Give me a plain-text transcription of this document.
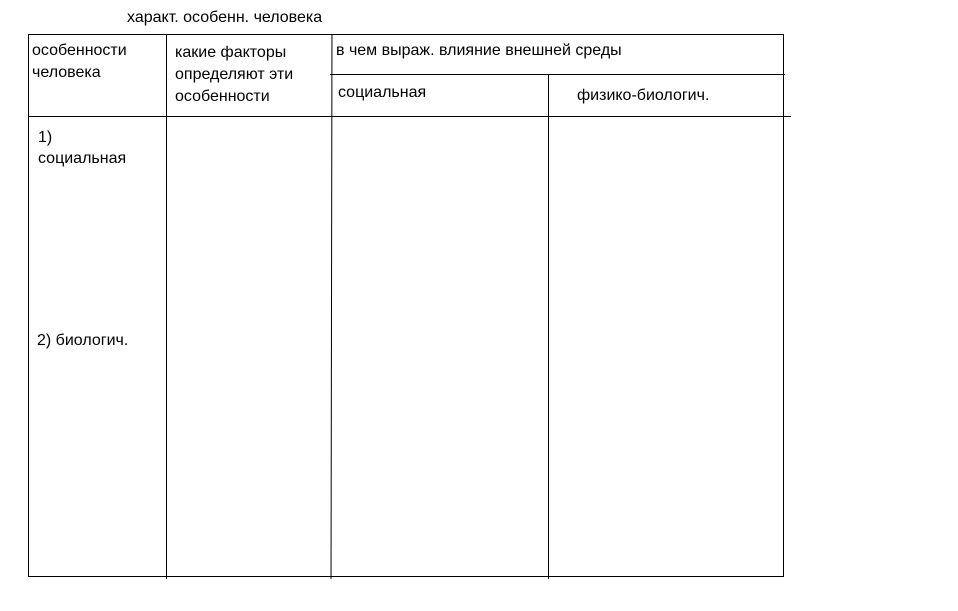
характ. особенн. человека
особенности
человека
какие факторы
определяют эти
особенности
в чем выраж. влияние внешней среды
социальная	физико-биологич.
1)
социальная
2) биологич.
